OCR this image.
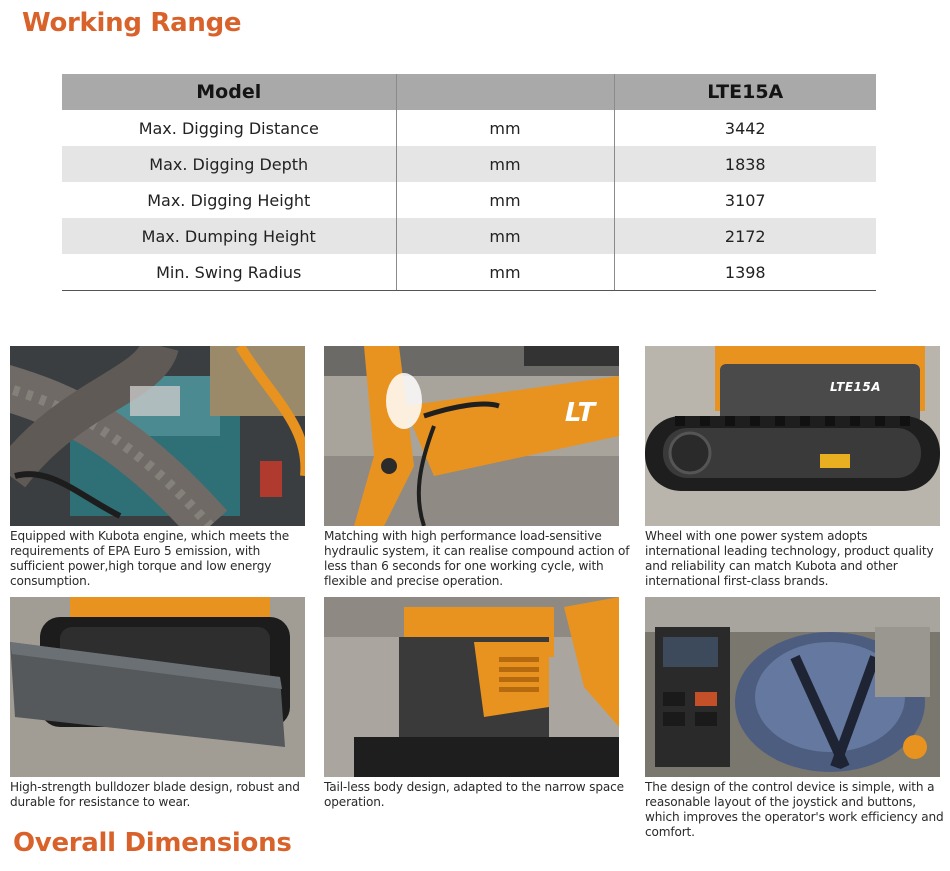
Working Range
Model		LTE15A
Max. Digging Distance	mm	3442
Max. Digging Depth	mm	1838
Max. Digging Height	mm	3107
Max. Dumping Height	mm	2172
Min. Swing Radius	mm	1398

Equipped with Kubota engine, which meets the requirements of EPA Euro 5 emission, with sufficient power,high torque and low energy consumption.

LT

Matching with high performance load-sensitive hydraulic system, it can realise compound action of less than 6 seconds for one working cycle, with flexible and precise operation.

LTE15A

Wheel with one power system adopts international leading technology, product quality and reliability can match Kubota and other international first-class brands.

High-strength bulldozer blade design, robust and durable for resistance to wear.

Tail-less body design, adapted to the narrow space operation.

The design of the control device is simple, with a reasonable layout of the joystick and buttons, which improves the operator's work efficiency and comfort.

Overall Dimensions
